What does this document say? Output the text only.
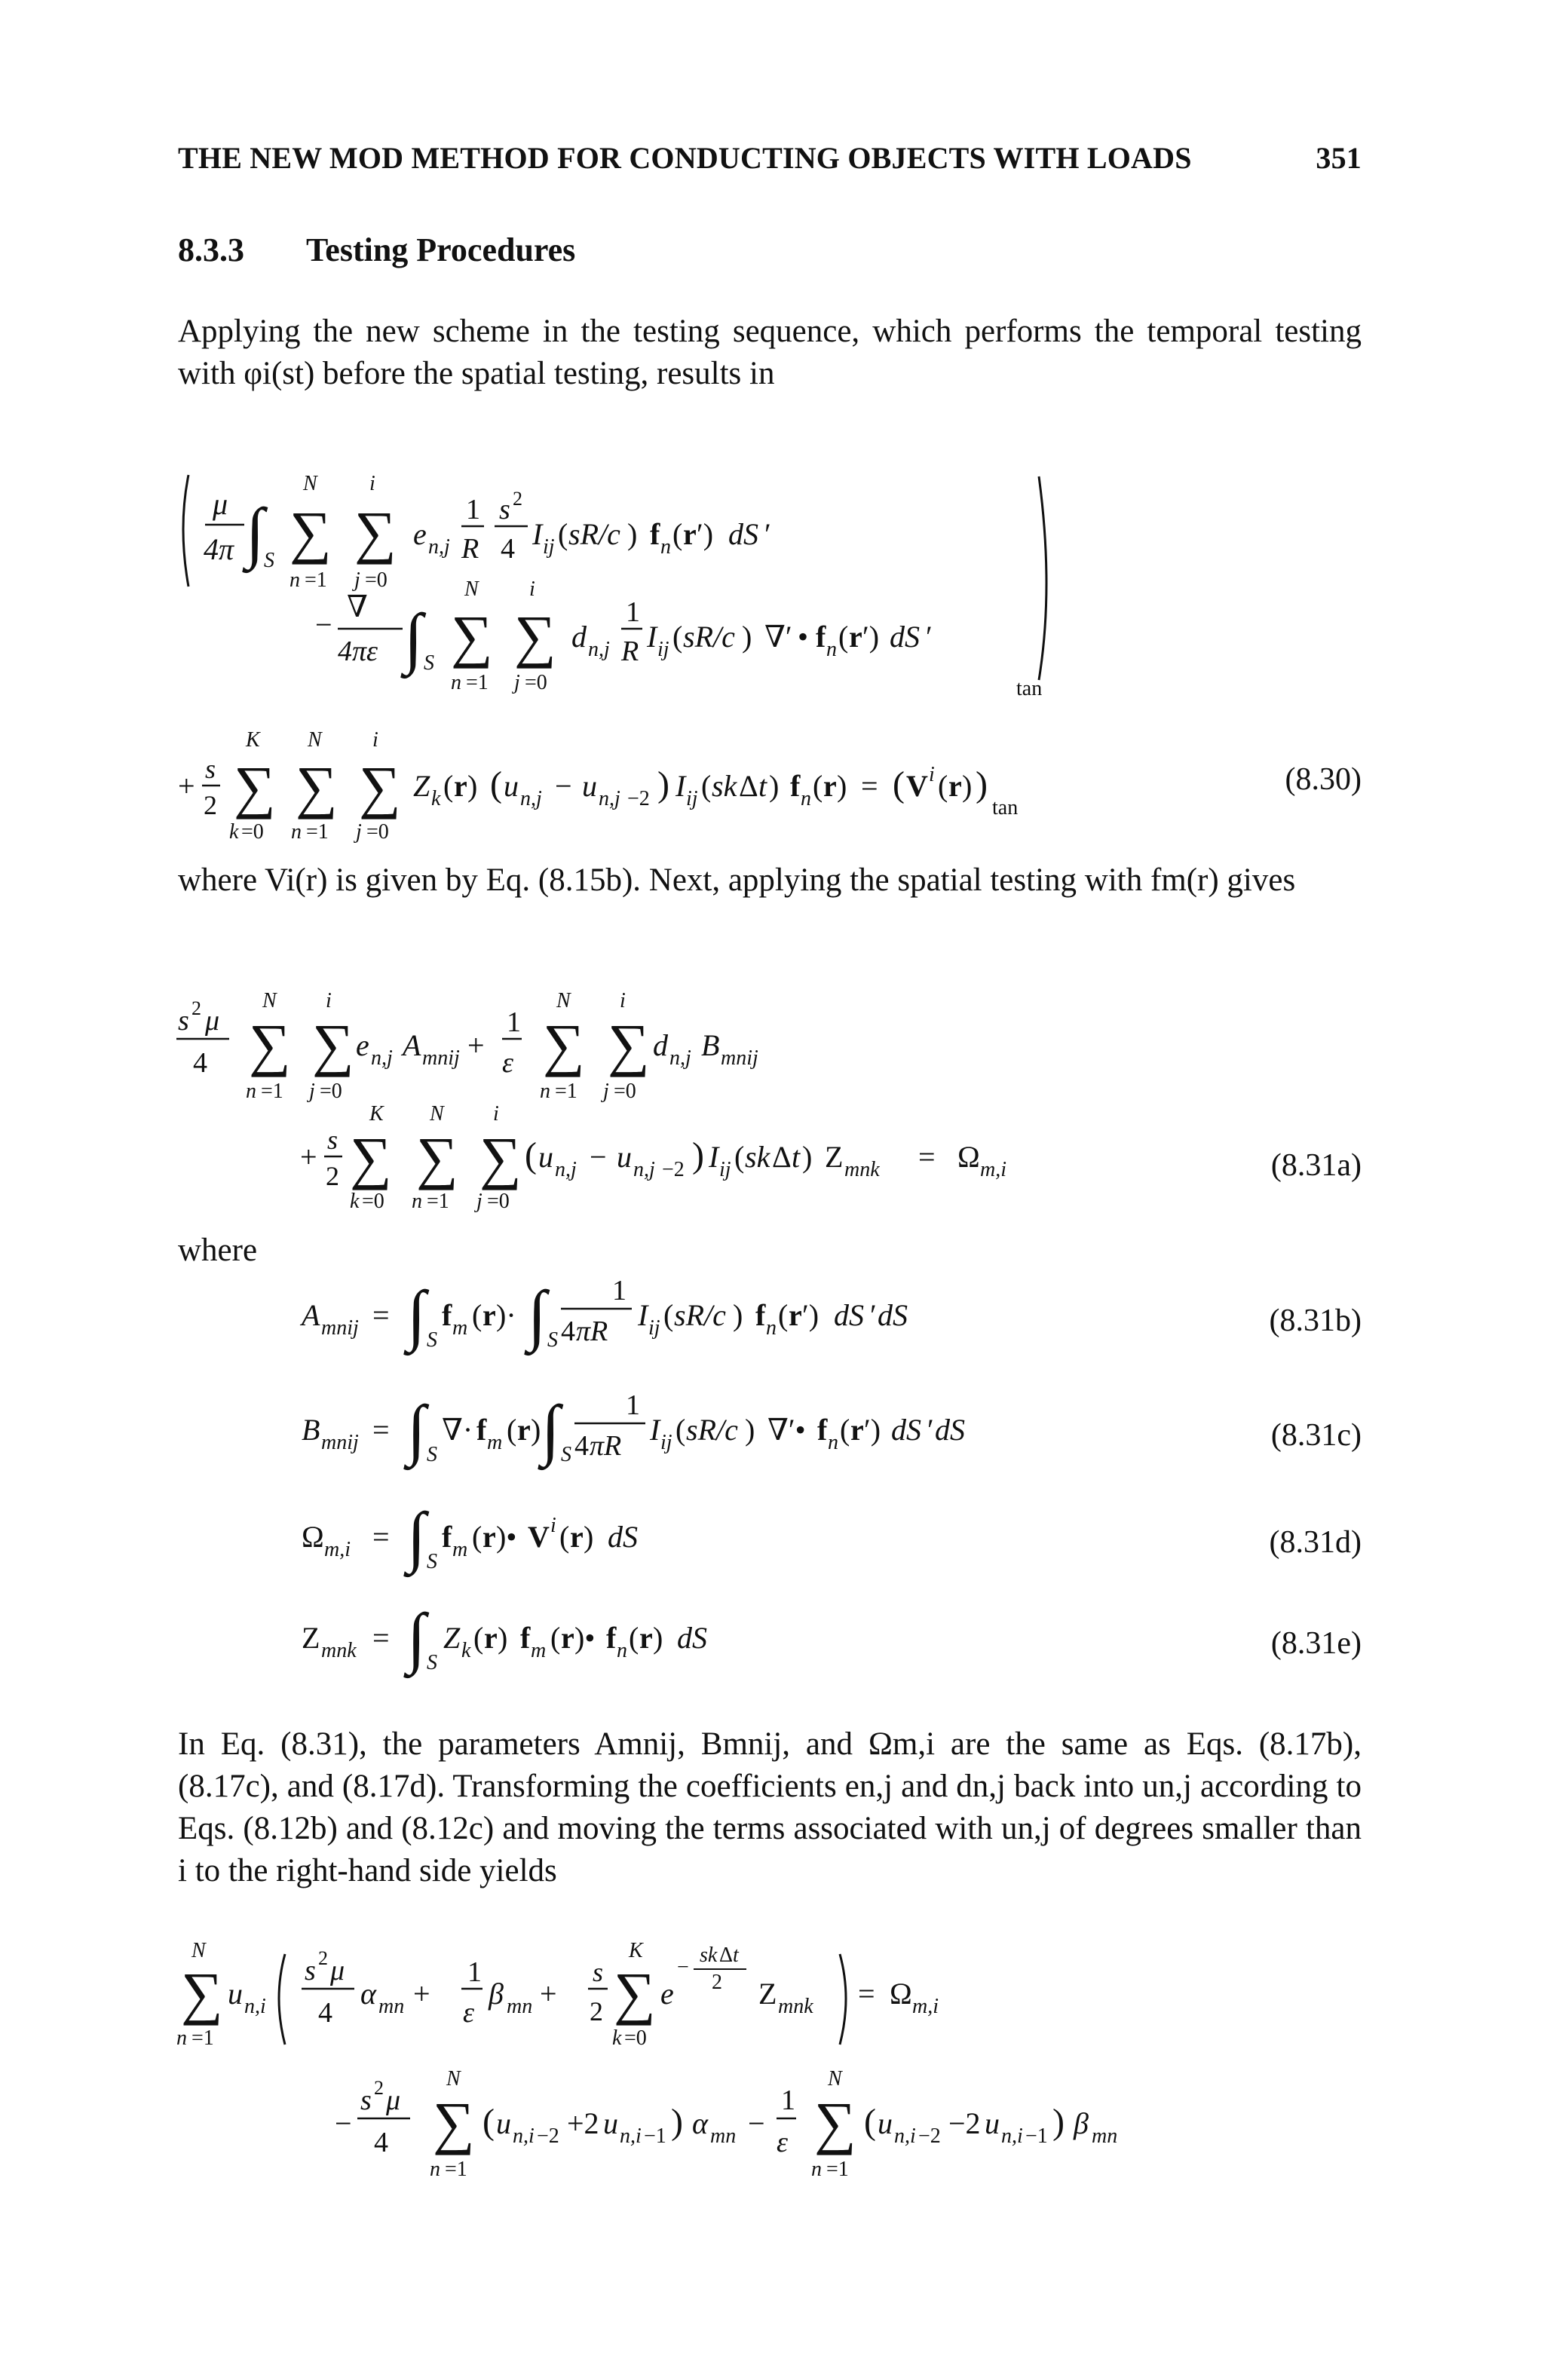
THE NEW MOD METHOD FOR CONDUCTING OBJECTS WITH LOADS	351
8.3.3 Testing Procedures
Applying the new scheme in the testing sequence, which performs the temporal testing with φi(st) before the spatial testing, results in
μ
4π ∫ S ∑
n =1
N
∑
j =0
i
e n,j
1
R
s 2
4 I ij ( sR/c ) f n ( r ′) dS ′
−
∇
4πε ∫ S ∑
n =1
N
∑
j =0
i
d n,j
1
R I ij ( sR/c ) ∇′ • f n ( r ′) dS ′
tan
+ s
2 ∑
k =0
K
∑
n =1
N
∑
j =0
i
Z k ( r ) ( u n,j − u n,j −2 ) I ij ( sk Δ t ) f n ( r ) = ( V i ( r ) )
tan
(8.30)
where Vi(r) is given by Eq. (8.15b). Next, applying the spatial testing with fm(r) gives
s 2 μ
4 ∑
n =1
N
∑
j =0
i
e n,j A mnij +
1
ε ∑
n =1
N
∑
j =0
i
d n,j B mnij
+ s
2 ∑
k =0
K
∑
n =1
N
∑
j =0
i
( u n,j − u n,j −2 ) I ij ( sk Δ t ) Z mnk = Ω m,i	(8.31a)
where
A mnij = ∫ S
f m ( r )· ∫ S
1
4 πR I ij ( sR/c ) f n ( r ′) dS ′ dS
B mnij = ∫ S
∇· f m ( r ) ∫ S
1
4 πR I ij ( sR/c ) ∇′• f n ( r ′) dS ′ dS
Ω m,i = ∫ S
f m ( r )• V i ( r ) dS
Z mnk = ∫ S
Z k ( r ) f m ( r )• f n ( r ) dS
(8.31b)
(8.31c)
(8.31d)
(8.31e)
In Eq. (8.31), the parameters Amnij, Bmnij, and Ωm,i are the same as Eqs. (8.17b), (8.17c), and (8.17d). Transforming the coefficients en,j and dn,j back into un,j according to Eqs. (8.12b) and (8.12c) and moving the terms associated with un,j of degrees smaller than i to the right-hand side yields
∑
n =1
N
u n,i
s 2 μ
4
α mn +
1
ε
β mn +
s
2 ∑
k =0
K
e
−
sk Δ t
2 Z mnk = Ω m,i
−
s 2 μ
4 ∑
n =1
N
( u n,i −2 +2 u n,i −1 ) α mn −
1
ε ∑
n =1
N
( u n,i −2 −2 u n,i −1 ) β mn
